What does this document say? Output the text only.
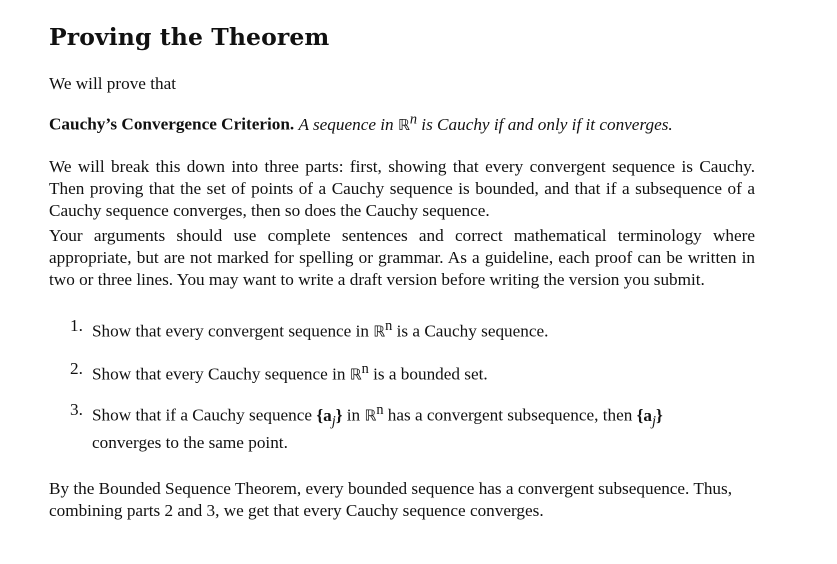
Proving the Theorem

We will prove that

Cauchy’s Convergence Criterion. A sequence in ℝ$^n$ is Cauchy if and only if it converges.

We will break this down into three parts: first, showing that every convergent sequence is Cauchy. Then proving that the set of points of a Cauchy sequence is bounded, and that if a subsequence of a Cauchy sequence converges, then so does the Cauchy sequence.

Your arguments should use complete sentences and correct mathematical terminology where appropriate, but are not marked for spelling or grammar. As a guideline, each proof can be written in two or three lines. You may want to write a draft version before writing the version you submit.

1. Show that every convergent sequence in ℝ$^n$ is a Cauchy sequence.
2. Show that every Cauchy sequence in ℝ$^n$ is a bounded set.
3. Show that if a Cauchy sequence $\{a_j\}$ in ℝ$^n$ has a convergent subsequence, then $\{a_j\}$
converges to the same point.

By the Bounded Sequence Theorem, every bounded sequence has a convergent subsequence. Thus, combining parts 2 and 3, we get that every Cauchy sequence converges.
